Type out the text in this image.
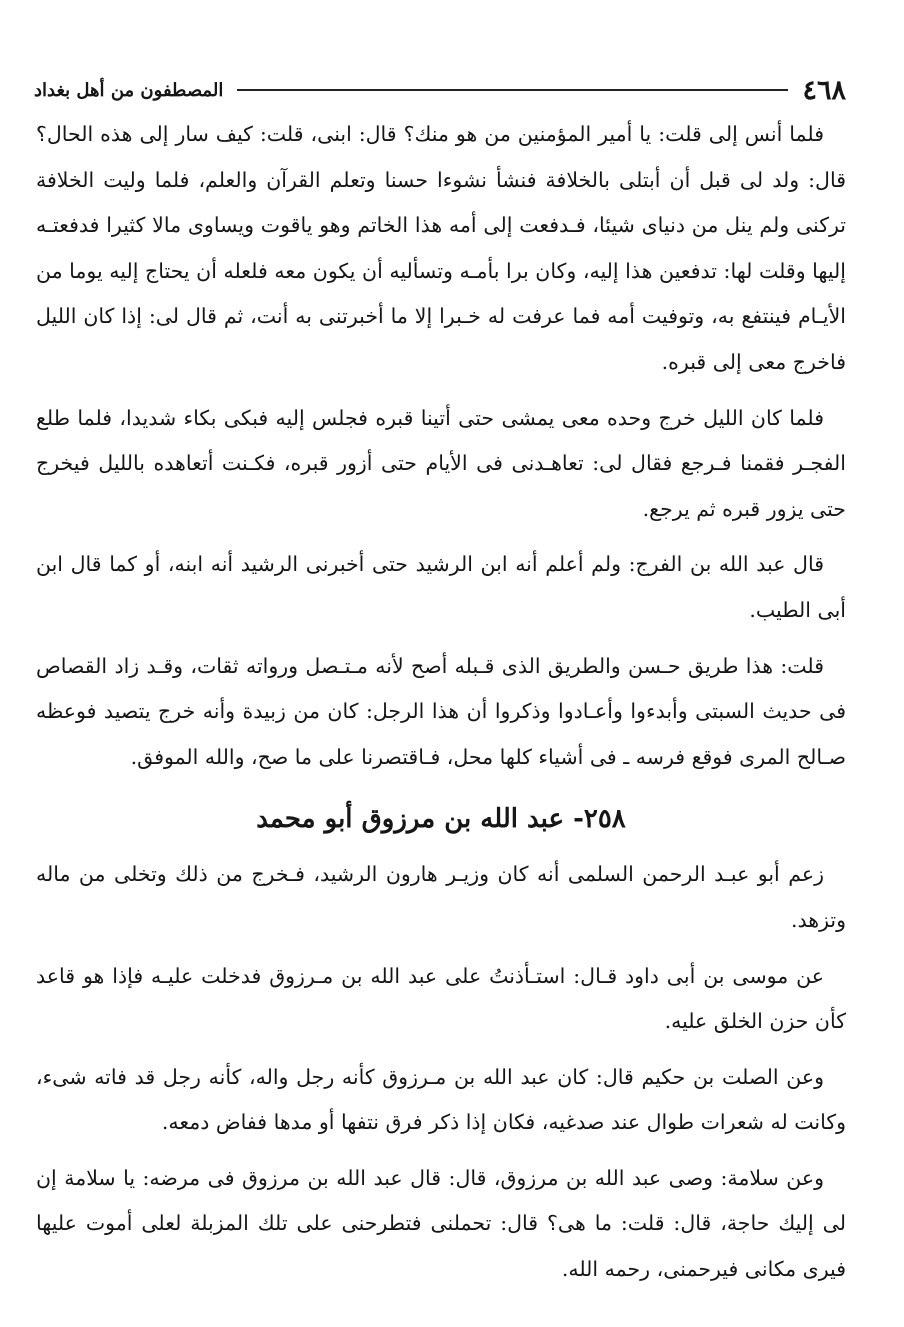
٤٦٨
المصطفون من أهل بغداد

فلما أنس إلى قلت: يا أمير المؤمنين من هو منك؟ قال: ابنى، قلت: كيف سار إلى هذه الحال؟ قال: ولد لى قبل أن أبتلى بالخلافة فنشأ نشوءا حسنا وتعلم القرآن والعلم، فلما وليت الخلافة تركنى ولم ينل من دنياى شيئا، فـدفعت إلى أمه هذا الخاتم وهو ياقوت ويساوى مالا كثيرا فدفعتـه إليها وقلت لها: تدفعين هذا إليه، وكان برا بأمـه وتسأليه أن يكون معه فلعله أن يحتاج إليه يوما من الأيـام فينتفع به، وتوفيت أمه فما عرفت له خـبرا إلا ما أخبرتنى به أنت، ثم قال لى: إذا كان الليل فاخرج معى إلى قبره.

فلما كان الليل خرج وحده معى يمشى حتى أتينا قبره فجلس إليه فبكى بكاء شديدا، فلما طلع الفجـر فقمنا فـرجع فقال لى: تعاهـدنى فى الأيام حتى أزور قبره، فكـنت أتعاهده بالليل فيخرج حتى يزور قبره ثم يرجع.

قال عبد الله بن الفرج: ولم أعلم أنه ابن الرشيد حتى أخبرنى الرشيد أنه ابنه، أو كما قال ابن أبى الطيب.

قلت: هذا طريق حـسن والطريق الذى قـبله أصح لأنه مـتـصل ورواته ثقات، وقـد زاد القصاص فى حديث السبتى وأبدءوا وأعـادوا وذكروا أن هذا الرجل: كان من زبيدة وأنه خرج يتصيد فوعظه صـالح المرى فوقع فرسه ـ فى أشياء كلها محل، فـاقتصرنا على ما صح، والله الموفق.

٢٥٨- عبد الله بن مرزوق أبو محمد

زعم أبو عبـد الرحمن السلمى أنه كان وزيـر هارون الرشيد، فـخرج من ذلك وتخلى من ماله وتزهد.

عن موسى بن أبى داود قـال: استـأذنتُ على عبد الله بن مـرزوق فدخلت عليـه فإذا هو قاعد كأن حزن الخلق عليه.

وعن الصلت بن حكيم قال: كان عبد الله بن مـرزوق كأنه رجل واله، كأنه رجل قد فاته شىء، وكانت له شعرات طوال عند صدغيه، فكان إذا ذكر فرق نتفها أو مدها ففاض دمعه.

وعن سلامة: وصى عبد الله بن مرزوق، قال: قال عبد الله بن مرزوق فى مرضه: يا سلامة إن لى إليك حاجة، قال: قلت: ما هى؟ قال: تحملنى فتطرحنى على تلك المزبلة لعلى أموت عليها فيرى مكانى فيرحمنى، رحمه الله.
